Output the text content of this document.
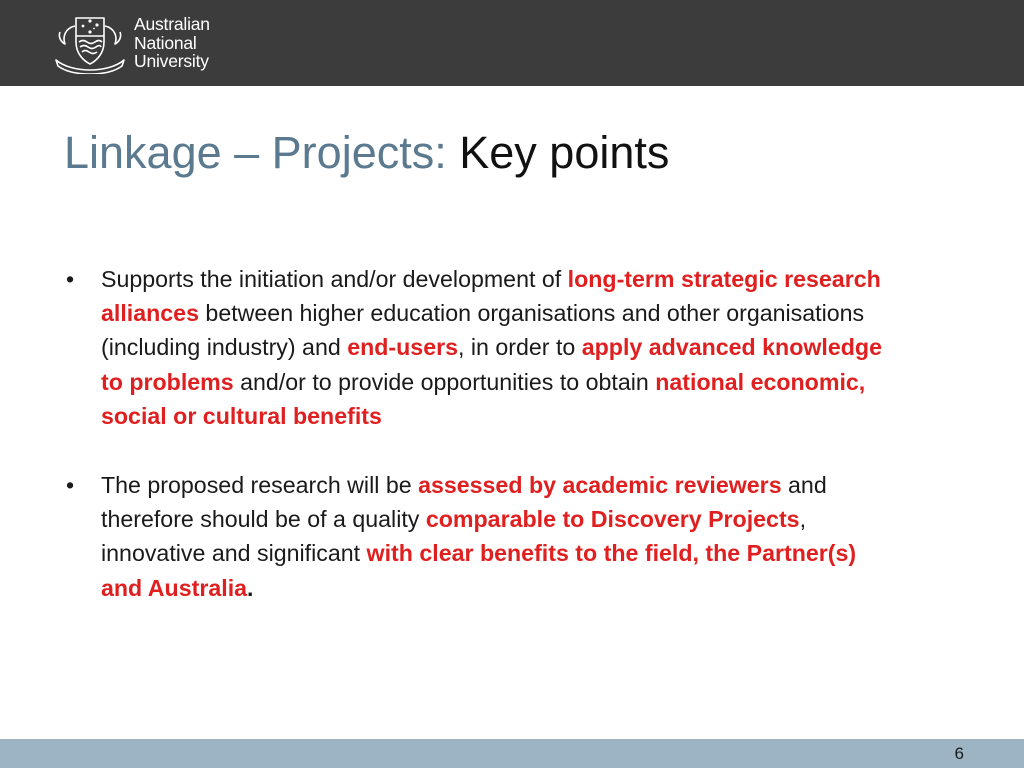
Australian
National
University
Linkage – Projects: Key points
• Supports the initiation and/or development of long-term strategic research alliances between higher education organisations and other organisations (including industry) and end-users, in order to apply advanced knowledge to problems and/or to provide opportunities to obtain national economic, social or cultural benefits
• The proposed research will be assessed by academic reviewers and therefore should be of a quality comparable to Discovery Projects, innovative and significant with clear benefits to the field, the Partner(s) and Australia.
6
